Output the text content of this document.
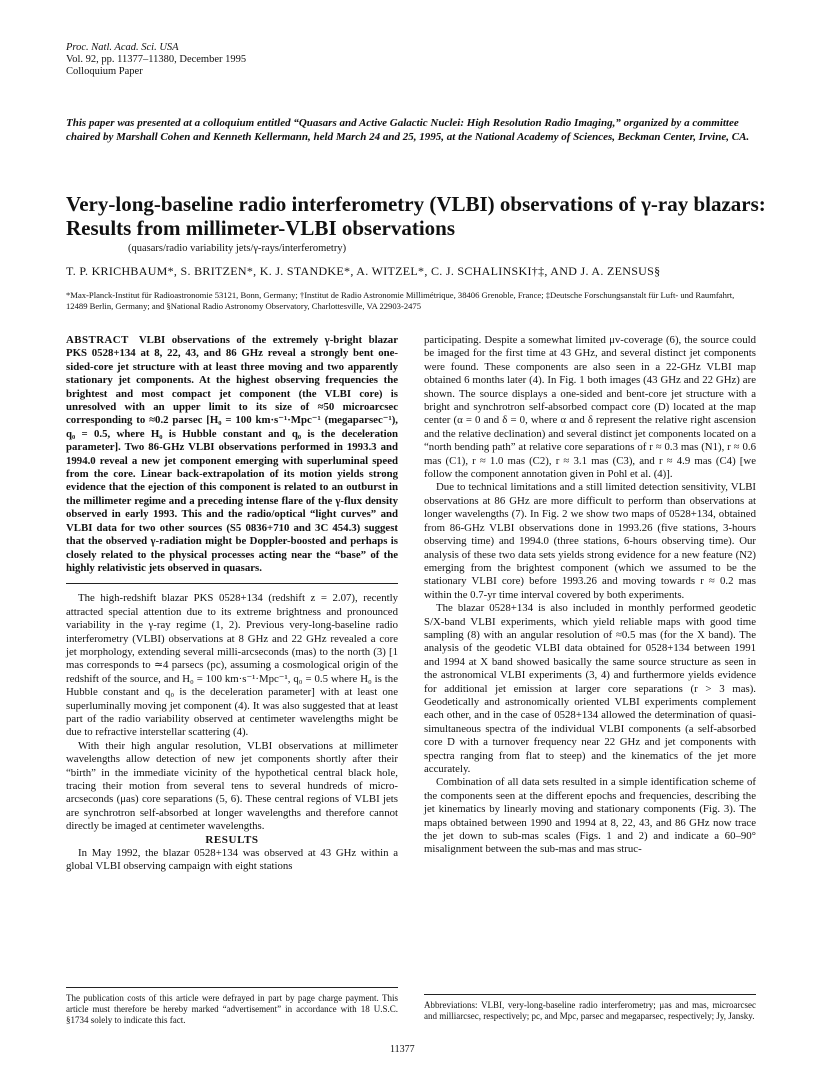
Proc. Natl. Acad. Sci. USA
Vol. 92, pp. 11377–11380, December 1995
Colloquium Paper
This paper was presented at a colloquium entitled “Quasars and Active Galactic Nuclei: High Resolution Radio Imaging,” organized by a committee chaired by Marshall Cohen and Kenneth Kellermann, held March 24 and 25, 1995, at the National Academy of Sciences, Beckman Center, Irvine, CA.
Very-long-baseline radio interferometry (VLBI) observations of γ-ray blazars: Results from millimeter-VLBI observations
(quasars/radio variability jets/γ-rays/interferometry)
T. P. KRICHBAUM*, S. BRITZEN*, K. J. STANDKE*, A. WITZEL*, C. J. SCHALINSKI†‡, AND J. A. ZENSUS§
*Max-Planck-Institut für Radioastronomie 53121, Bonn, Germany; †Institut de Radio Astronomie Millimétrique, 38406 Grenoble, France; ‡Deutsche Forschungsanstalt für Luft- und Raumfahrt, 12489 Berlin, Germany; and §National Radio Astronomy Observatory, Charlottesville, VA 22903-2475

ABSTRACT VLBI observations of the extremely γ-bright blazar PKS 0528+134 at 8, 22, 43, and 86 GHz reveal a strongly bent one-sided-core jet structure with at least three moving and two apparently stationary jet components. At the highest observing frequencies the brightest and most compact jet component (the VLBI core) is unresolved with an upper limit to its size of ≈50 microarcsec corresponding to ≈0.2 parsec [H₀ = 100 km·s⁻¹·Mpc⁻¹ (megaparsec⁻¹), q₀ = 0.5, where H₀ is Hubble constant and q₀ is the deceleration parameter]. Two 86-GHz VLBI observations performed in 1993.3 and 1994.0 reveal a new jet component emerging with superluminal speed from the core. Linear back-extrapolation of its motion yields strong evidence that the ejection of this component is related to an outburst in the millimeter regime and a preceding intense flare of the γ-flux density observed in early 1993. This and the radio/optical “light curves” and VLBI data for two other sources (S5 0836+710 and 3C 454.3) suggest that the observed γ-radiation might be Doppler-boosted and perhaps is closely related to the physical processes acting near the “base” of the highly relativistic jets observed in quasars.

The high-redshift blazar PKS 0528+134 (redshift z = 2.07), recently attracted special attention due to its extreme brightness and pronounced variability in the γ-ray regime (1, 2). Previous very-long-baseline radio interferometry (VLBI) observations at 8 GHz and 22 GHz revealed a core jet morphology, extending several milli-arcseconds (mas) to the north (3) [1 mas corresponds to ≃4 parsecs (pc), assuming a cosmological origin of the redshift of the source, and H₀ = 100 km·s⁻¹·Mpc⁻¹, q₀ = 0.5 where H₀ is the Hubble constant and q₀ is the deceleration parameter] with at least one superluminally moving jet component (4). It was also suggested that at least part of the radio variability observed at centimeter wavelengths might be due to refractive interstellar scattering (4).

With their high angular resolution, VLBI observations at millimeter wavelengths allow detection of new jet components shortly after their “birth” in the immediate vicinity of the hypothetical central black hole, tracing their motion from several tens to several hundreds of micro-arcseconds (μas) core separations (5, 6). These central regions of VLBI jets are synchrotron self-absorbed at longer wavelengths and therefore cannot directly be imaged at centimeter wavelengths.

RESULTS

In May 1992, the blazar 0528+134 was observed at 43 GHz within a global VLBI observing campaign with eight stations

participating. Despite a somewhat limited μv-coverage (6), the source could be imaged for the first time at 43 GHz, and several distinct jet components were found. These components are also seen in a 22-GHz VLBI map obtained 6 months later (4). In Fig. 1 both images (43 GHz and 22 GHz) are shown. The source displays a one-sided and bent-core jet structure with a bright and synchrotron self-absorbed compact core (D) located at the map center (α = 0 and δ = 0, where α and δ represent the relative right ascension and the relative declination) and several distinct jet components located on a “north bending path” at relative core separations of r ≈ 0.3 mas (N1), r ≈ 0.6 mas (C1), r ≈ 1.0 mas (C2), r ≈ 3.1 mas (C3), and r ≈ 4.9 mas (C4) [we follow the component annotation given in Pohl et al. (4)].

Due to technical limitations and a still limited detection sensitivity, VLBI observations at 86 GHz are more difficult to perform than observations at longer wavelengths (7). In Fig. 2 we show two maps of 0528+134, obtained from 86-GHz VLBI observations done in 1993.26 (five stations, 3-hours observing time) and 1994.0 (three stations, 6-hours observing time). Our analysis of these two data sets yields strong evidence for a new feature (N2) emerging from the brightest component (which we assumed to be the stationary VLBI core) before 1993.26 and moving towards r ≈ 0.2 mas within the 0.7-yr time interval covered by both experiments.

The blazar 0528+134 is also included in monthly performed geodetic S/X-band VLBI experiments, which yield reliable maps with good time sampling (8) with an angular resolution of ≈0.5 mas (for the X band). The analysis of the geodetic VLBI data obtained for 0528+134 between 1991 and 1994 at X band showed basically the same source structure as seen in the astronomical VLBI experiments (3, 4) and furthermore yields evidence for additional jet emission at larger core separations (r > 3 mas). Geodetically and astronomically oriented VLBI experiments complement each other, and in the case of 0528+134 allowed the determination of quasi-simultaneous spectra of the individual VLBI components (a self-absorbed core D with a turnover frequency near 22 GHz and jet components with spectra ranging from flat to steep) and the kinematics of the jet more accurately.

Combination of all data sets resulted in a simple identification scheme of the components seen at the different epochs and frequencies, describing the jet kinematics by linearly moving and stationary components (Fig. 3). The maps obtained between 1990 and 1994 at 8, 22, 43, and 86 GHz now trace the jet down to sub-mas scales (Figs. 1 and 2) and indicate a 60–90° misalignment between the sub-mas and mas struc-

The publication costs of this article were defrayed in part by page charge payment. This article must therefore be hereby marked “advertisement” in accordance with 18 U.S.C. §1734 solely to indicate this fact.
Abbreviations: VLBI, very-long-baseline radio interferometry; μas and mas, microarcsec and milliarcsec, respectively; pc, and Mpc, parsec and megaparsec, respectively; Jy, Jansky.
11377
